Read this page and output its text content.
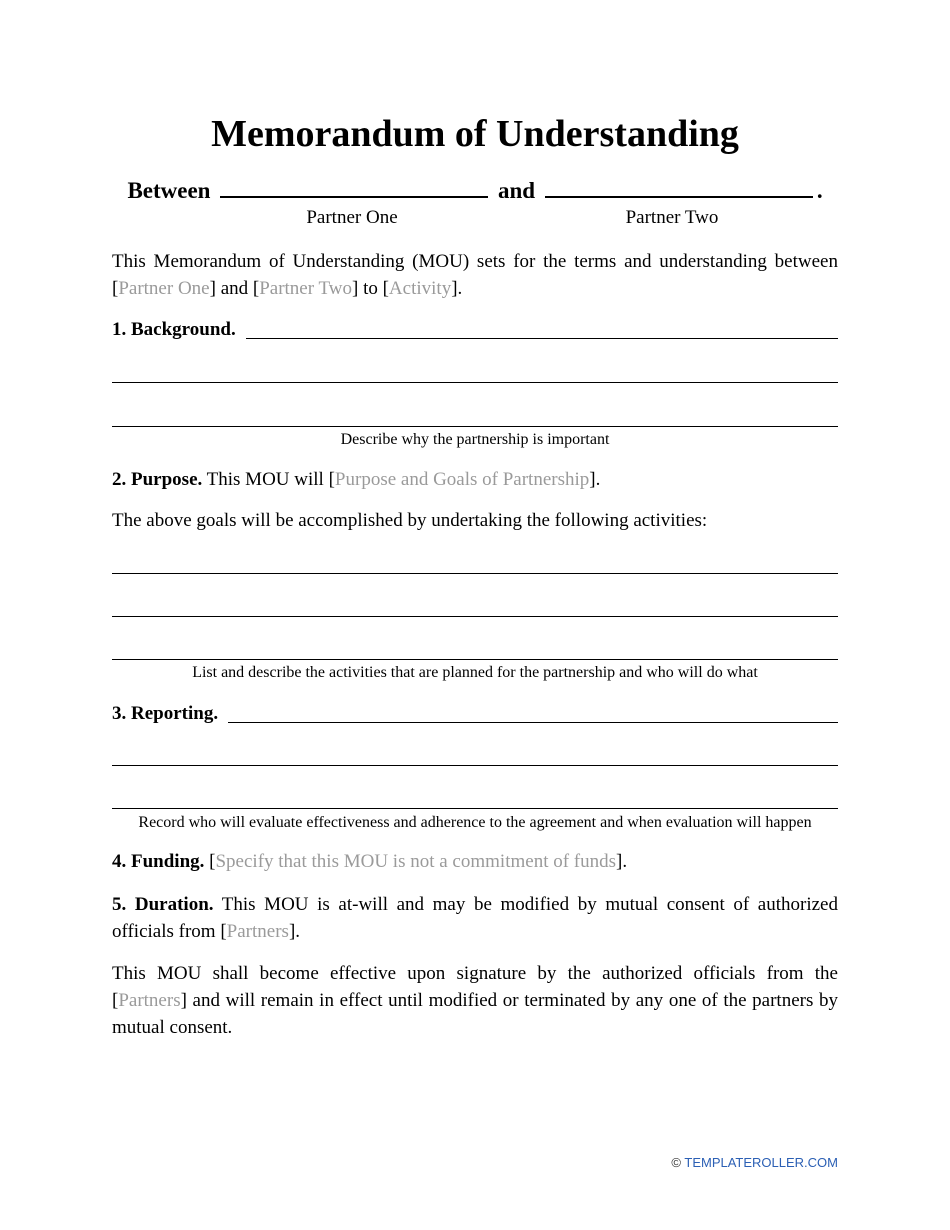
Memorandum of Understanding
Between	and	.
Partner One	Partner Two

This Memorandum of Understanding (MOU) sets for the terms and understanding between [Partner One] and [Partner Two] to [Activity].

1. Background.

Describe why the partnership is important

2. Purpose. This MOU will [Purpose and Goals of Partnership].

The above goals will be accomplished by undertaking the following activities:

List and describe the activities that are planned for the partnership and who will do what

3. Reporting.

Record who will evaluate effectiveness and adherence to the agreement and when evaluation will happen

4. Funding. [Specify that this MOU is not a commitment of funds].

5. Duration. This MOU is at-will and may be modified by mutual consent of authorized officials from [Partners].

This MOU shall become effective upon signature by the authorized officials from the [Partners] and will remain in effect until modified or terminated by any one of the partners by mutual consent.

© TEMPLATEROLLER.COM
